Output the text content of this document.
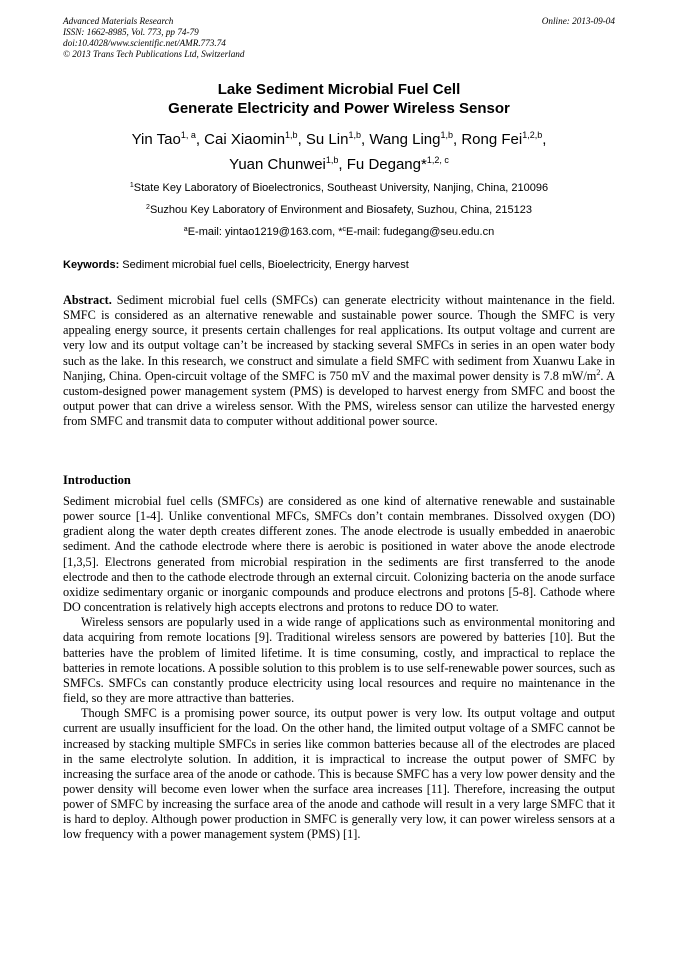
Advanced Materials Research
ISSN: 1662-8985, Vol. 773, pp 74-79
doi:10.4028/www.scientific.net/AMR.773.74
© 2013 Trans Tech Publications Ltd, Switzerland
Online: 2013-09-04
Lake Sediment Microbial Fuel Cell
Generate Electricity and Power Wireless Sensor
Yin Tao$^{1, a}$, Cai Xiaomin$^{1,b}$, Su Lin$^{1,b}$, Wang Ling$^{1,b}$, Rong Fei$^{1,2,b}$,
Yuan Chunwei$^{1,b}$, Fu Degang*$^{1,2, c}$
$^1$State Key Laboratory of Bioelectronics, Southeast University, Nanjing, China, 210096
$^2$Suzhou Key Laboratory of Environment and Biosafety, Suzhou, China, 215123
$^a$E-mail: yintao1219@163.com, *$^c$E-mail: fudegang@seu.edu.cn
Keywords: Sediment microbial fuel cells, Bioelectricity, Energy harvest

Abstract. Sediment microbial fuel cells (SMFCs) can generate electricity without maintenance in the field. SMFC is considered as an alternative renewable and sustainable power source. Though the SMFC is very appealing energy source, it presents certain challenges for real applications. Its output voltage and current are very low and its output voltage can’t be increased by stacking several SMFCs in series in an open water body such as the lake. In this research, we construct and simulate a field SMFC with sediment from Xuanwu Lake in Nanjing, China. Open-circuit voltage of the SMFC is 750 mV and the maximal power density is 7.8 $mW/m^2$. A custom-designed power management system (PMS) is developed to harvest energy from SMFC and boost the output power that can drive a wireless sensor. With the PMS, wireless sensor can utilize the harvested energy from SMFC and transmit data to computer without additional power source.

Introduction

Sediment microbial fuel cells (SMFCs) are considered as one kind of alternative renewable and sustainable power source [1-4]. Unlike conventional MFCs, SMFCs don’t contain membranes. Dissolved oxygen (DO) gradient along the water depth creates different zones. The anode electrode is usually embedded in anaerobic sediment. And the cathode electrode where there is aerobic is positioned in water above the anode electrode [1,3,5]. Electrons generated from microbial respiration in the sediments are first transferred to the anode electrode and then to the cathode electrode through an external circuit. Colonizing bacteria on the anode surface oxidize sedimentary organic or inorganic compounds and produce electrons and protons [5-8]. Cathode where DO concentration is relatively high accepts electrons and protons to reduce DO to water.

Wireless sensors are popularly used in a wide range of applications such as environmental monitoring and data acquiring from remote locations [9]. Traditional wireless sensors are powered by batteries [10]. But the batteries have the problem of limited lifetime. It is time consuming, costly, and impractical to replace the batteries in remote locations. A possible solution to this problem is to use self-renewable power sources, such as SMFCs. SMFCs can constantly produce electricity using local resources and require no maintenance in the field, so they are more attractive than batteries.

Though SMFC is a promising power source, its output power is very low. Its output voltage and output current are usually insufficient for the load. On the other hand, the limited output voltage of a SMFC cannot be increased by stacking multiple SMFCs in series like common batteries because all of the electrodes are placed in the same electrolyte solution. In addition, it is impractical to increase the output power of SMFC by increasing the surface area of the anode or cathode. This is because SMFC has a very low power density and the power density will become even lower when the surface area increases [11]. Therefore, increasing the output power of SMFC by increasing the surface area of the anode and cathode will result in a very large SMFC that it is hard to deploy. Although power production in SMFC is generally very low, it can power wireless sensors at a low frequency with a power management system (PMS) [1].
